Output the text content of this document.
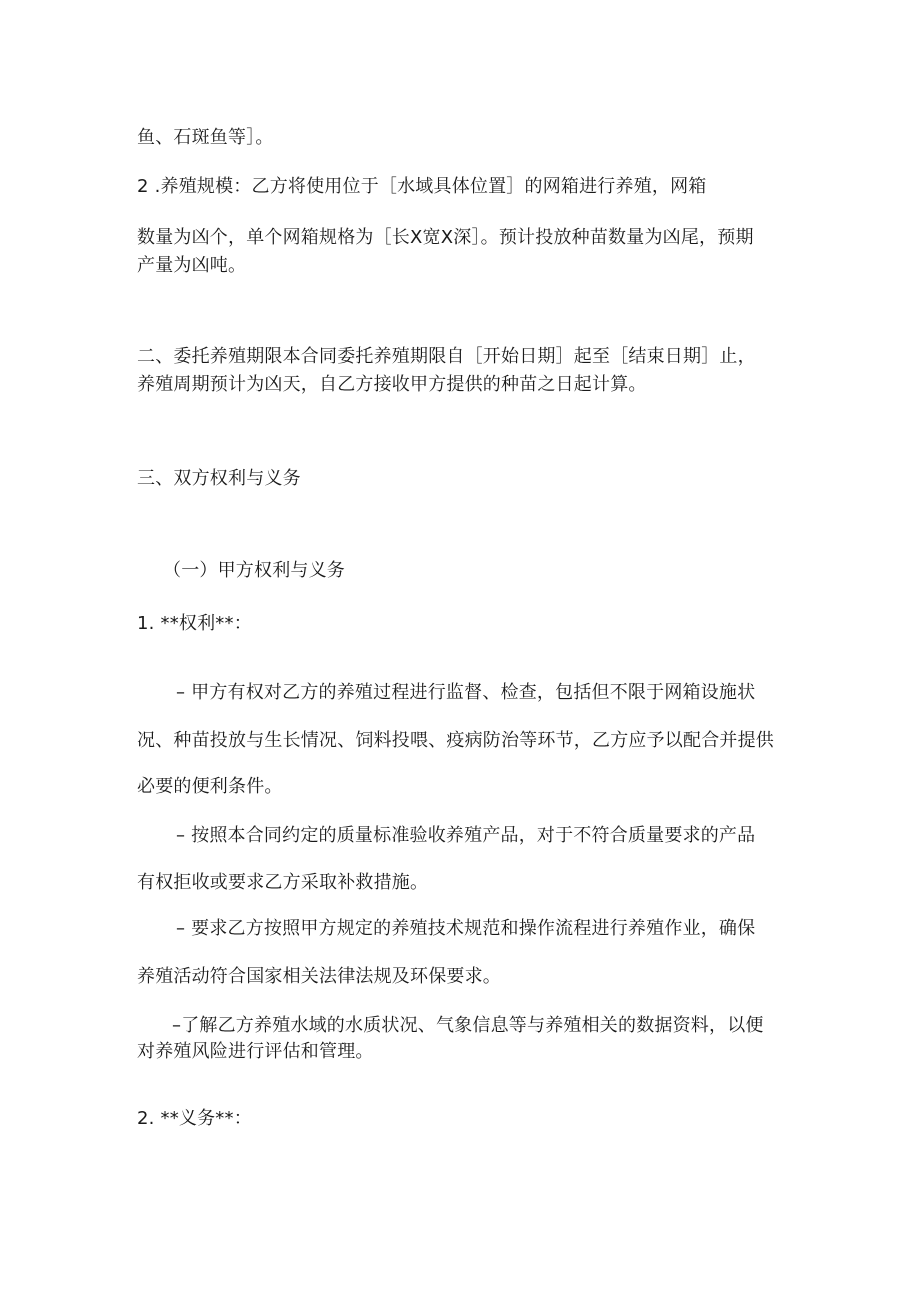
鱼、石斑鱼等］。
2 .养殖规模：乙方将使用位于［水域具体位置］的网箱进行养殖，网箱
数量为凶个，单个网箱规格为［长X宽X深］。预计投放种苗数量为凶尾，预期
产量为凶吨。
二、委托养殖期限本合同委托养殖期限自［开始日期］起至［结束日期］止，
养殖周期预计为凶天，自乙方接收甲方提供的种苗之日起计算。
三、双方权利与义务
（一）甲方权利与义务
1. **权利**：
– 甲方有权对乙方的养殖过程进行监督、检查，包括但不限于网箱设施状
况、种苗投放与生长情况、饲料投喂、疫病防治等环节，乙方应予以配合并提供
必要的便利条件。
– 按照本合同约定的质量标准验收养殖产品，对于不符合质量要求的产品
有权拒收或要求乙方采取补救措施。
– 要求乙方按照甲方规定的养殖技术规范和操作流程进行养殖作业，确保
养殖活动符合国家相关法律法规及环保要求。
–了解乙方养殖水域的水质状况、气象信息等与养殖相关的数据资料，以便
对养殖风险进行评估和管理。
2. **义务**：
